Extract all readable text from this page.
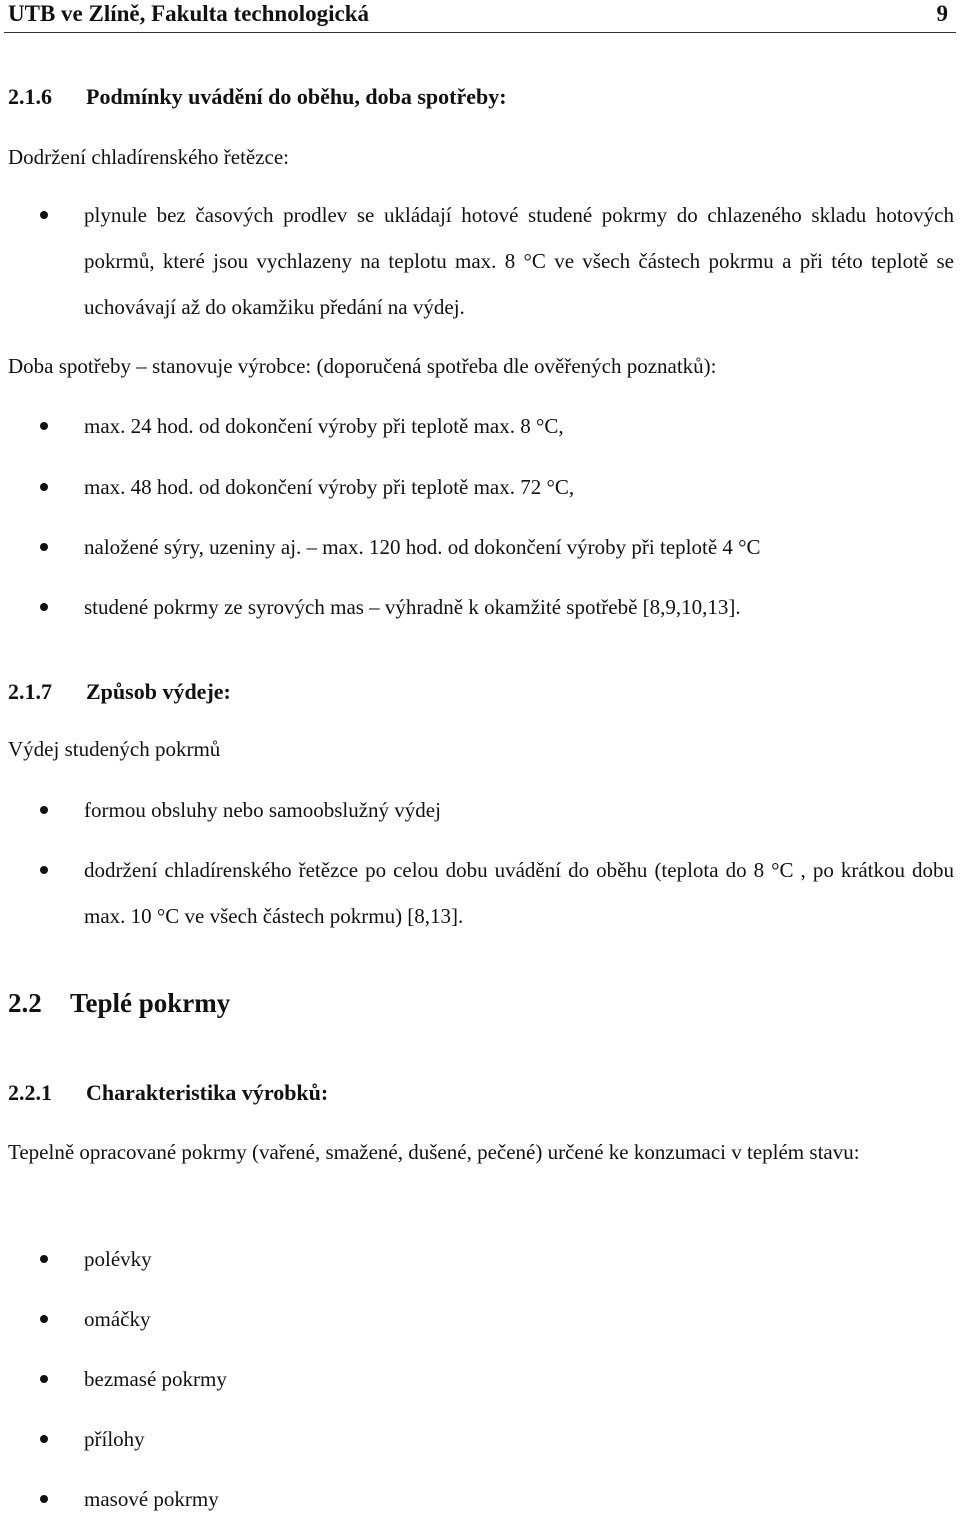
UTB ve Zlíně, Fakulta technologická	9
2.1.6 Podmínky uvádění do oběhu, doba spotřeby:
Dodržení chladírenského řetězce:
plynule bez časových prodlev se ukládají hotové studené pokrmy do chlazeného skladu hotových pokrmů, které jsou vychlazeny na teplotu max. 8 °C ve všech částech pokrmu a při této teplotě se uchovávají až do okamžiku předání na výdej.
Doba spotřeby – stanovuje výrobce: (doporučená spotřeba dle ověřených poznatků):
max. 24 hod. od dokončení výroby při teplotě max. 8 °C,
max. 48 hod. od dokončení výroby při teplotě max. 72 °C,
naložené sýry, uzeniny aj. – max. 120 hod. od dokončení výroby při teplotě 4 °C
studené pokrmy ze syrových mas – výhradně k okamžité spotřebě [8,9,10,13].
2.1.7 Způsob výdeje:
Výdej studených pokrmů
formou obsluhy nebo samoobslužný výdej
dodržení chladírenského řetězce po celou dobu uvádění do oběhu (teplota do 8 °C , po krátkou dobu max. 10 °C ve všech částech pokrmu) [8,13].
2.2 Teplé pokrmy
2.2.1 Charakteristika výrobků:
Tepelně opracované pokrmy (vařené, smažené, dušené, pečené) určené ke konzumaci v teplém stavu:
polévky
omáčky
bezmasé pokrmy
přílohy
masové pokrmy
